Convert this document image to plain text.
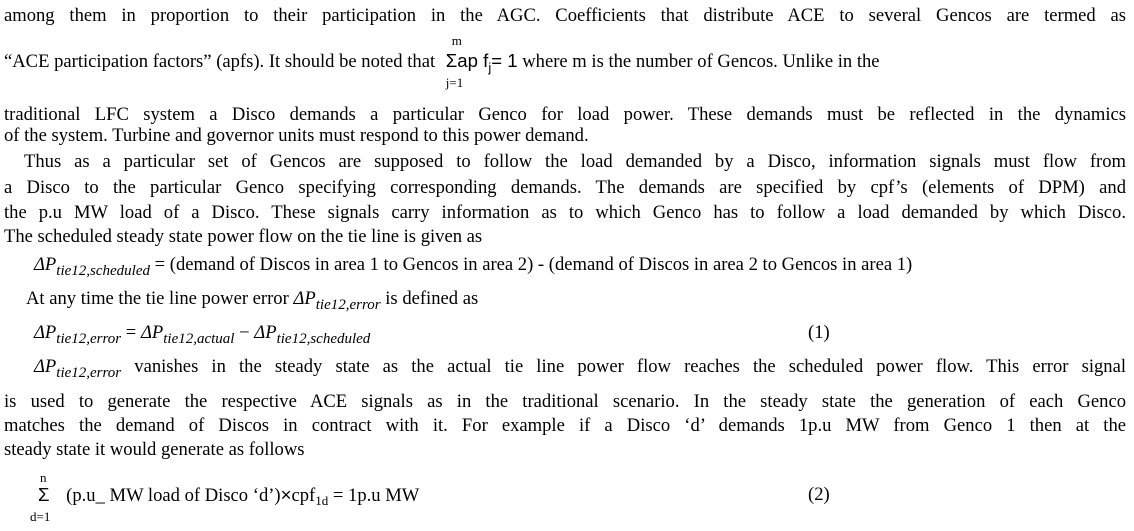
among them in proportion to their participation in the AGC. Coefficients that distribute ACE to several Gencos are termed as
“ACE participation factors” (apfs). It should be noted that
m
Σap $f_j= 1$
j=1
where m is the number of Gencos. Unlike in the
traditional LFC system a Disco demands a particular Genco for load power. These demands must be reflected in the dynamics
of the system. Turbine and governor units must respond to this power demand.
Thus as a particular set of Gencos are supposed to follow the load demanded by a Disco, information signals must flow from
a Disco to the particular Genco specifying corresponding demands. The demands are specified by cpf’s (elements of DPM) and
the p.u MW load of a Disco. These signals carry information as to which Genco has to follow a load demanded by which Disco.
The scheduled steady state power flow on the tie line is given as
$\Delta P_{tie12,scheduled}$ = (demand of Discos in area 1 to Gencos in area 2) - (demand of Discos in area 2 to Gencos in area 1)
At any time the tie line power error $\Delta P_{tie12,error}$ is defined as
$\Delta P_{tie12,error} = \Delta P_{tie12,actual} - \Delta P_{tie12,scheduled}$	(1)
$\Delta P_{tie12,error}$ vanishes in the steady state as the actual tie line power flow reaches the scheduled power flow. This error signal
is used to generate the respective ACE signals as in the traditional scenario. In the steady state the generation of each Genco
matches the demand of Discos in contract with it. For example if a Disco ‘d’ demands 1p.u MW from Genco 1 then at the
steady state it would generate as follows
n
Σ
d=1
(p.u_ MW load of Disco ‘d’)×cpf$_{1d}$ = 1p.u MW	(2)
